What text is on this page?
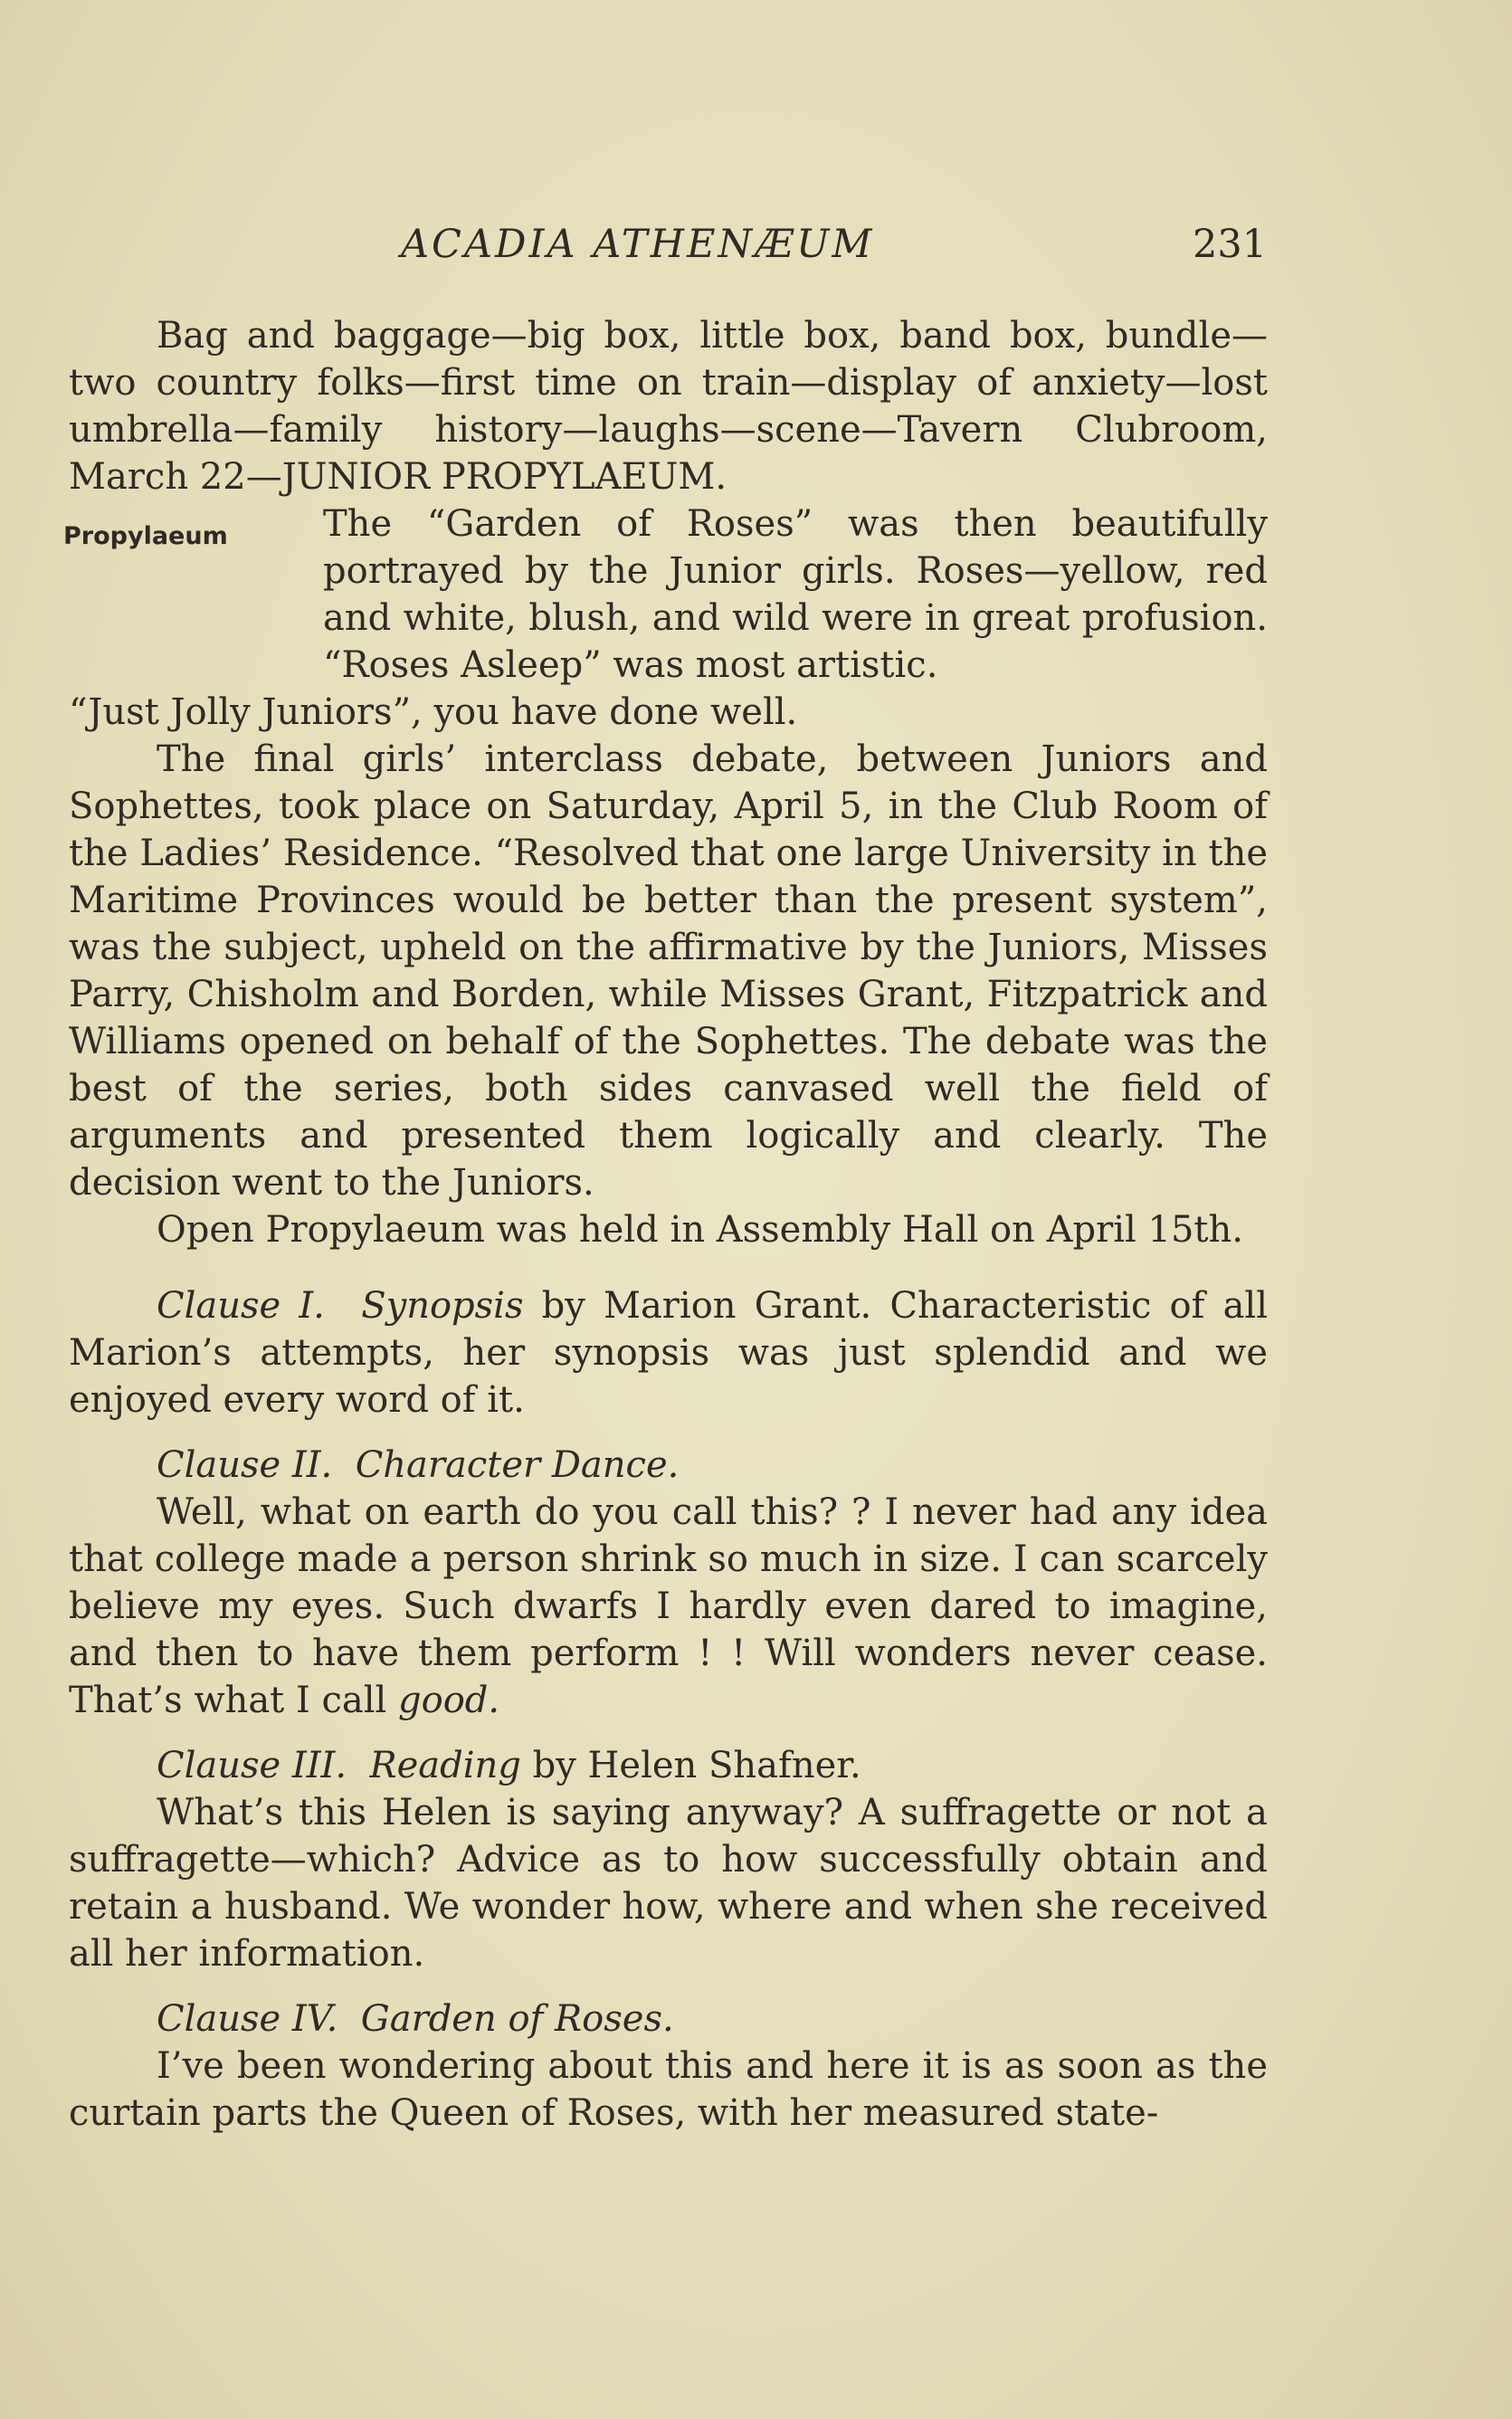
ACADIA ATHENÆUM	231

Bag and baggage—big box, little box, band box, bundle—two country folks—first time on train—display of anxiety—lost umbrella—family history—laughs—scene—Tavern Clubroom, March 22—JUNIOR PROPYLAEUM.

Propylaeum	The “Garden of Roses” was then beautifully portrayed by the Junior girls. Roses—yellow, red and white, blush, and wild were in great profusion. “Roses Asleep” was most artistic.

“Just Jolly Juniors”, you have done well.

The final girls’ interclass debate, between Juniors and Sophettes, took place on Saturday, April 5, in the Club Room of the Ladies’ Residence. “Resolved that one large University in the Maritime Provinces would be better than the present system”, was the subject, upheld on the affirmative by the Juniors, Misses Parry, Chisholm and Borden, while Misses Grant, Fitzpatrick and Williams opened on behalf of the Sophettes. The debate was the best of the series, both sides canvased well the field of arguments and presented them logically and clearly. The decision went to the Juniors.

Open Propylaeum was held in Assembly Hall on April 15th.

Clause I. Synopsis by Marion Grant. Characteristic of all Marion’s attempts, her synopsis was just splendid and we enjoyed every word of it.

Clause II. Character Dance.

Well, what on earth do you call this? ? I never had any idea that college made a person shrink so much in size. I can scarcely believe my eyes. Such dwarfs I hardly even dared to imagine, and then to have them perform ! ! Will wonders never cease. That’s what I call good.

Clause III. Reading by Helen Shafner.

What’s this Helen is saying anyway? A suffragette or not a suffragette—which? Advice as to how successfully obtain and retain a husband. We wonder how, where and when she received all her information.

Clause IV. Garden of Roses.

I’ve been wondering about this and here it is as soon as the curtain parts the Queen of Roses, with her measured state-
